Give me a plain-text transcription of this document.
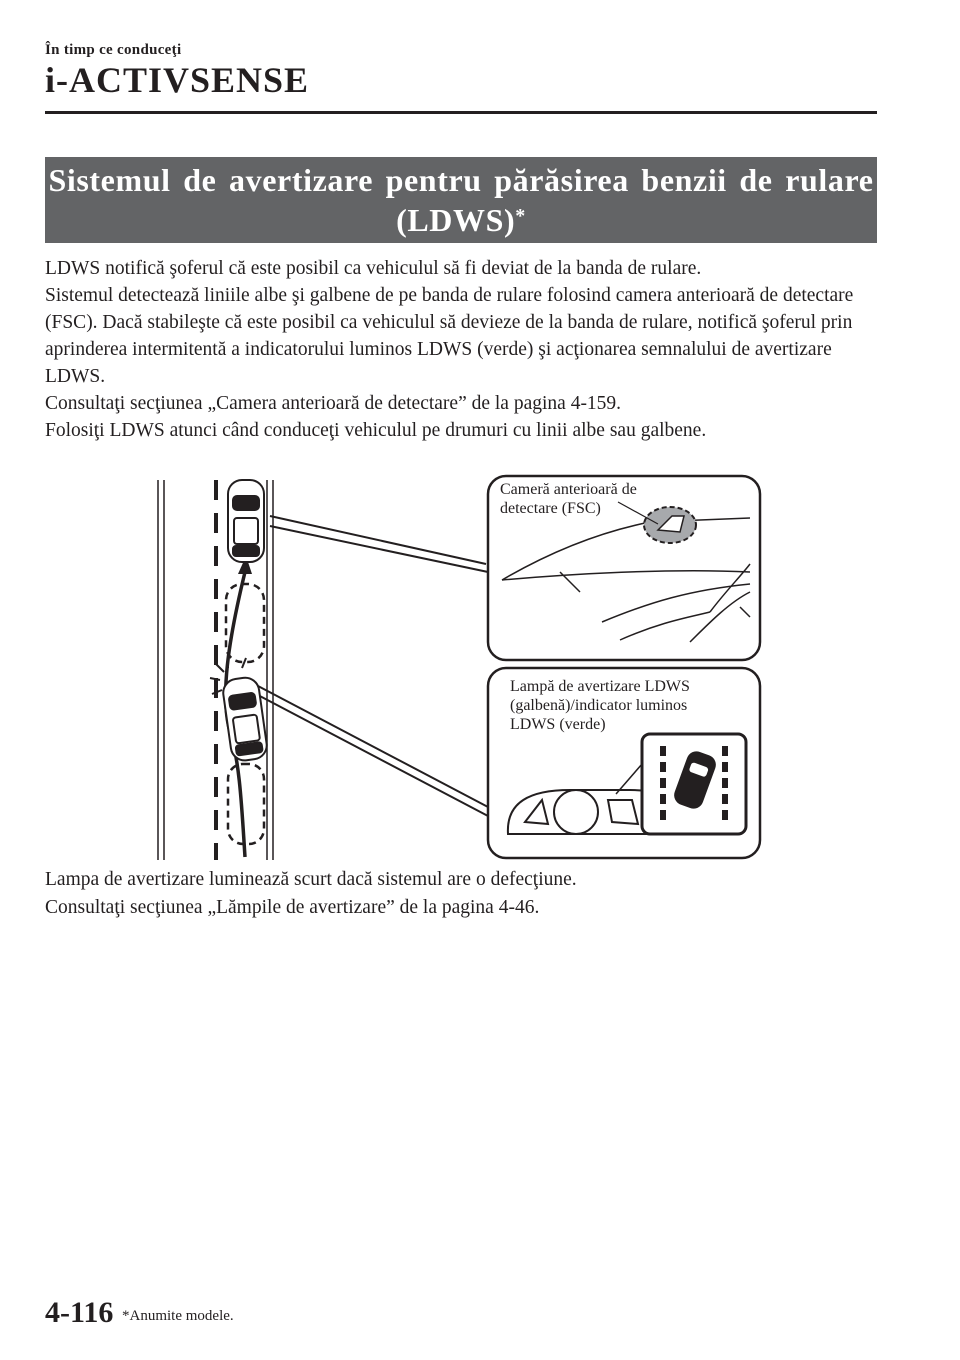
În timp ce conduceţi
i-ACTIVSENSE
Sistemul de avertizare pentru părăsirea benzii de rulare
(LDWS)*

LDWS notifică şoferul că este posibil ca vehiculul să fi deviat de la banda de rulare.

Sistemul detectează liniile albe şi galbene de pe banda de rulare folosind camera anterioară de detectare (FSC). Dacă stabileşte că este posibil ca vehiculul să devieze de la banda de rulare, notifică şoferul prin aprinderea intermitentă a indicatorului luminos LDWS (verde) şi acţionarea semnalului de avertizare LDWS.

Consultaţi secţiunea „Camera anterioară de detectare” de la pagina 4-159.

Folosiţi LDWS atunci când conduceţi vehiculul pe drumuri cu linii albe sau galbene.

Cameră anterioară de
detectare (FSC)
Lampă de avertizare LDWS
(galbenă)/indicator luminos
LDWS (verde)

Lampa de avertizare luminează scurt dacă sistemul are o defecţiune.

Consultaţi secţiunea „Lămpile de avertizare” de la pagina 4-46.

4-116 *Anumite modele.
